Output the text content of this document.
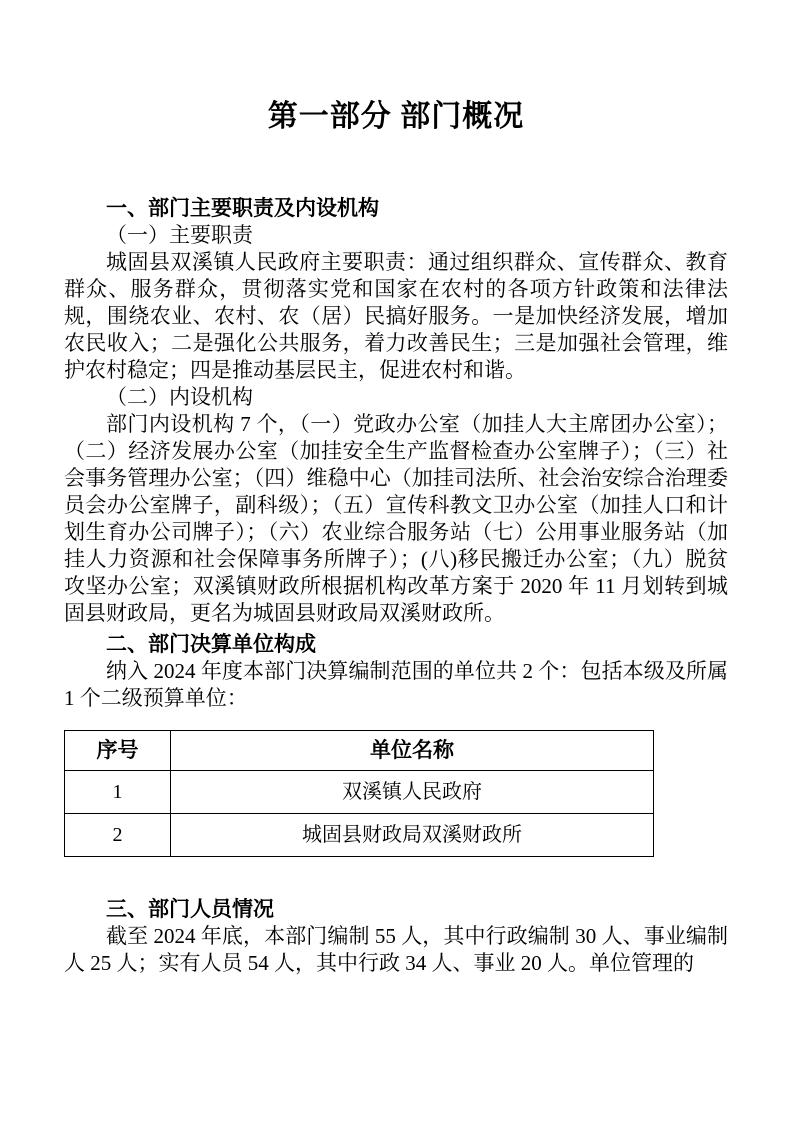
第一部分 部门概况
一、部门主要职责及内设机构
（一）主要职责
城固县双溪镇人民政府主要职责：通过组织群众、宣传群众、教育群众、服务群众，贯彻落实党和国家在农村的各项方针政策和法律法规，围绕农业、农村、农（居）民搞好服务。一是加快经济发展，增加农民收入；二是强化公共服务，着力改善民生；三是加强社会管理，维护农村稳定；四是推动基层民主，促进农村和谐。
（二）内设机构
部门内设机构 7 个，（一）党政办公室（加挂人大主席团办公室）；（二）经济发展办公室（加挂安全生产监督检查办公室牌子）；（三）社会事务管理办公室；（四）维稳中心（加挂司法所、社会治安综合治理委员会办公室牌子，副科级）；（五）宣传科教文卫办公室（加挂人口和计划生育办公司牌子）；（六）农业综合服务站（七）公用事业服务站（加挂人力资源和社会保障事务所牌子）；(八)移民搬迁办公室；（九）脱贫攻坚办公室；双溪镇财政所根据机构改革方案于 2020 年 11 月划转到城固县财政局，更名为城固县财政局双溪财政所。
二、部门决算单位构成
纳入 2024 年度本部门决算编制范围的单位共 2 个：包括本级及所属 1 个二级预算单位：
序号	单位名称
1	双溪镇人民政府
2	城固县财政局双溪财政所
三、部门人员情况
截至 2024 年底，本部门编制 55 人，其中行政编制 30 人、事业编制人 25 人；实有人员 54 人，其中行政 34 人、事业 20 人。单位管理的
